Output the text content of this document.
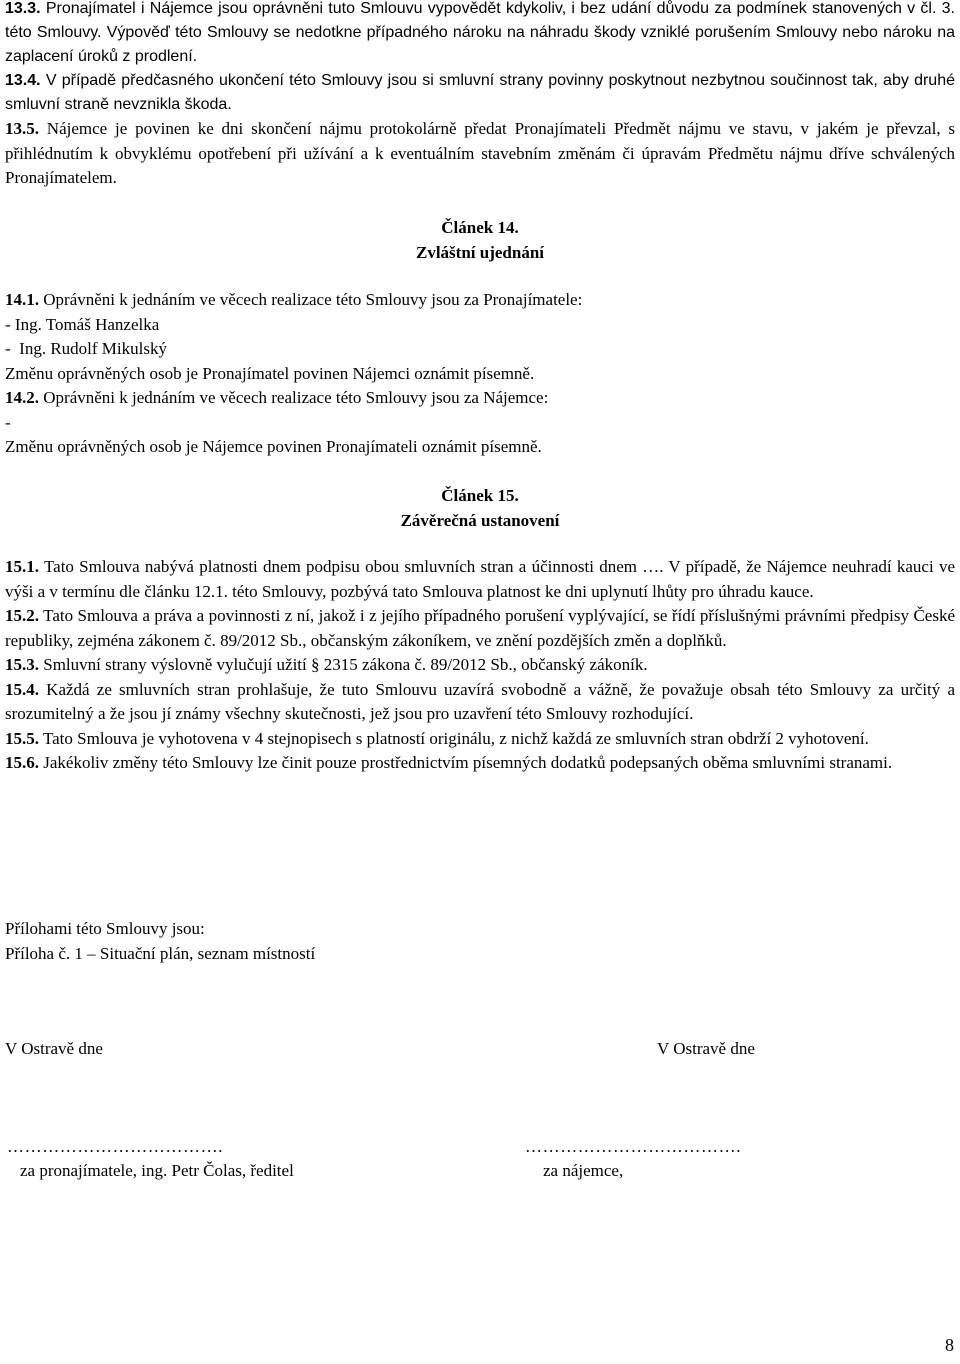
13.3. Pronajímatel i Nájemce jsou oprávněni tuto Smlouvu vypovědět kdykoliv, i bez udání důvodu za podmínek stanovených v čl. 3. této Smlouvy. Výpověď této Smlouvy se nedotkne případného nároku na náhradu škody vzniklé porušením Smlouvy nebo nároku na zaplacení úroků z prodlení.

13.4. V případě předčasného ukončení této Smlouvy jsou si smluvní strany povinny poskytnout nezbytnou součinnost tak, aby druhé smluvní straně nevznikla škoda.

13.5. Nájemce je povinen ke dni skončení nájmu protokolárně předat Pronajímateli Předmět nájmu ve stavu, v jakém je převzal, s přihlédnutím k obvyklému opotřebení při užívání a k eventuálním stavebním změnám či úpravám Předmětu nájmu dříve schválených Pronajímatelem.

Článek 14.

Zvláštní ujednání

14.1. Oprávněni k jednáním ve věcech realizace této Smlouvy jsou za Pronajímatele:

- Ing. Tomáš Hanzelka

-  Ing. Rudolf Mikulský

Změnu oprávněných osob je Pronajímatel povinen Nájemci oznámit písemně.

14.2. Oprávněni k jednáním ve věcech realizace této Smlouvy jsou za Nájemce:

-

Změnu oprávněných osob je Nájemce povinen Pronajímateli oznámit písemně.

Článek 15.

Závěrečná ustanovení

15.1. Tato Smlouva nabývá platnosti dnem podpisu obou smluvních stran a účinnosti dnem …. V případě, že Nájemce neuhradí kauci ve výši a v termínu dle článku 12.1. této Smlouvy, pozbývá tato Smlouva platnost ke dni uplynutí lhůty pro úhradu kauce.

15.2. Tato Smlouva a práva a povinnosti z ní, jakož i z jejího případného porušení vyplývající, se řídí příslušnými právními předpisy České republiky, zejména zákonem č. 89/2012 Sb., občanským zákoníkem, ve znění pozdějších změn a doplňků.

15.3. Smluvní strany výslovně vylučují užití § 2315 zákona č. 89/2012 Sb., občanský zákoník.

15.4. Každá ze smluvních stran prohlašuje, že tuto Smlouvu uzavírá svobodně a vážně, že považuje obsah této Smlouvy za určitý a srozumitelný a že jsou jí známy všechny skutečnosti, jež jsou pro uzavření této Smlouvy rozhodující.

15.5. Tato Smlouva je vyhotovena v 4 stejnopisech s platností originálu, z nichž každá ze smluvních stran obdrží 2 vyhotovení.

15.6. Jakékoliv změny této Smlouvy lze činit pouze prostřednictvím písemných dodatků podepsaných oběma smluvními stranami.

Přílohami této Smlouvy jsou:

Příloha č. 1 – Situační plán, seznam místností

V Ostravě dne	V Ostravě dne
……………………………….	……………………………….
za pronajímatele, ing. Petr Čolas, ředitel	za nájemce,
8
